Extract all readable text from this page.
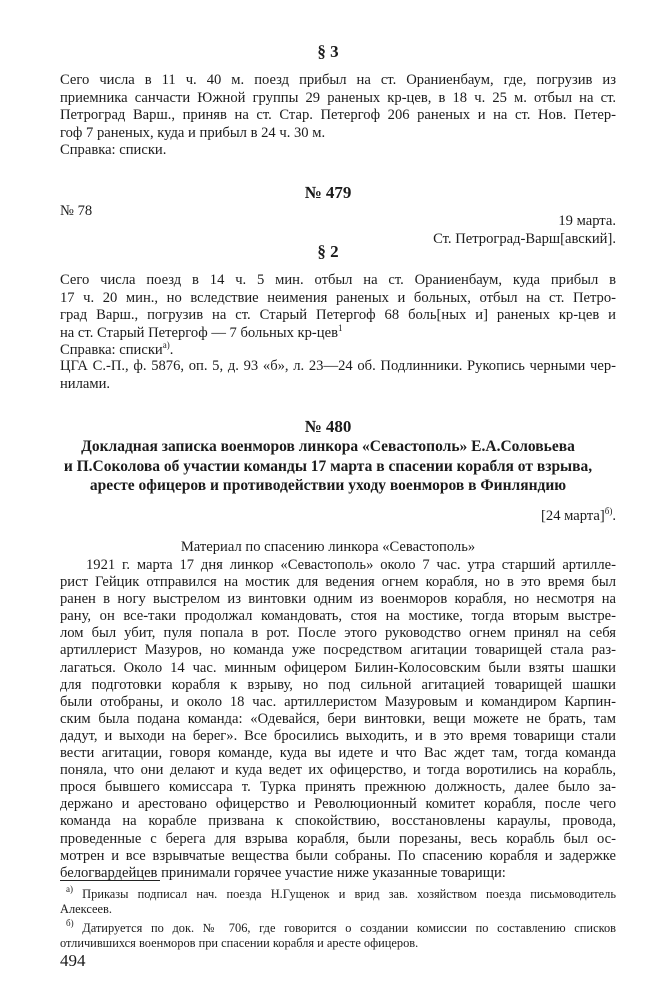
§ 3
Сего числа в 11 ч. 40 м. поезд прибыл на ст. Ораниенбаум, где, погрузив из
приемника санчасти Южной группы 29 раненых кр-цев, в 18 ч. 25 м. отбыл на ст.
Петроград Варш., приняв на ст. Стар. Петергоф 206 раненых и на ст. Нов. Петер-
гоф 7 раненых, куда и прибыл в 24 ч. 30 м.
Справка: списки.
№ 479
№ 78
19 марта.
Ст. Петроград-Варш[авский].
§ 2
Сего числа поезд в 14 ч. 5 мин. отбыл на ст. Ораниенбаум, куда прибыл в
17 ч. 20 мин., но вследствие неимения раненых и больных, отбыл на ст. Петро-
град Варш., погрузив на ст. Старый Петергоф 68 боль[ных и] раненых кр-цев и
на ст. Старый Петергоф — 7 больных кр-цев$^1$
Справка: списки$^{а)}$.
ЦГА С.-П., ф. 5876, оп. 5, д. 93 «б», л. 23—24 об. Подлинники. Рукопись черными чер-
нилами.
№ 480
Докладная записка военморов линкора «Севастополь» Е.А.Соловьева
и П.Соколова об участии команды 17 марта в спасении корабля от взрыва,
аресте офицеров и противодействии уходу военморов в Финляндию
[24 марта]$^{б)}$.
Материал по спасению линкора «Севастополь»
1921 г. марта 17 дня линкор «Севастополь» около 7 час. утра старший артилле-
рист Гейцик отправился на мостик для ведения огнем корабля, но в это время был
ранен в ногу выстрелом из винтовки одним из военморов корабля, но несмотря на
рану, он все-таки продолжал командовать, стоя на мостике, тогда вторым выстре-
лом был убит, пуля попала в рот. После этого руководство огнем принял на себя
артиллерист Мазуров, но команда уже посредством агитации товарищей стала раз-
лагаться. Около 14 час. минным офицером Билин-Колосовским были взяты шашки
для подготовки корабля к взрыву, но под сильной агитацией товарищей шашки
были отобраны, и около 18 час. артиллеристом Мазуровым и командиром Карпин-
ским была подана команда: «Одевайся, бери винтовки, вещи можете не брать, там
дадут, и выходи на берег». Все бросились выходить, и в это время товарищи стали
вести агитации, говоря команде, куда вы идете и что Вас ждет там, тогда команда
поняла, что они делают и куда ведет их офицерство, и тогда воротились на корабль,
прося бывшего комиссара т. Турка принять прежнюю должность, далее было за-
держано и арестовано офицерство и Революционный комитет корабля, после чего
команда на корабле призвана к спокойствию, восстановлены караулы, провода,
проведенные с берега для взрыва корабля, были порезаны, весь корабль был ос-
мотрен и все взрывчатые вещества были собраны. По спасению корабля и задержке
белогвардейцев принимали горячее участие ниже указанные товарищи:
$^{а)}$ Приказы подписал нач. поезда Н.Гущенок и врид зав. хозяйством поезда письмоводитель
Алексеев.
$^{б)}$ Датируется по док. № 706, где говорится о создании комиссии по составлению списков
отличившихся военморов при спасении корабля и аресте офицеров.
494
